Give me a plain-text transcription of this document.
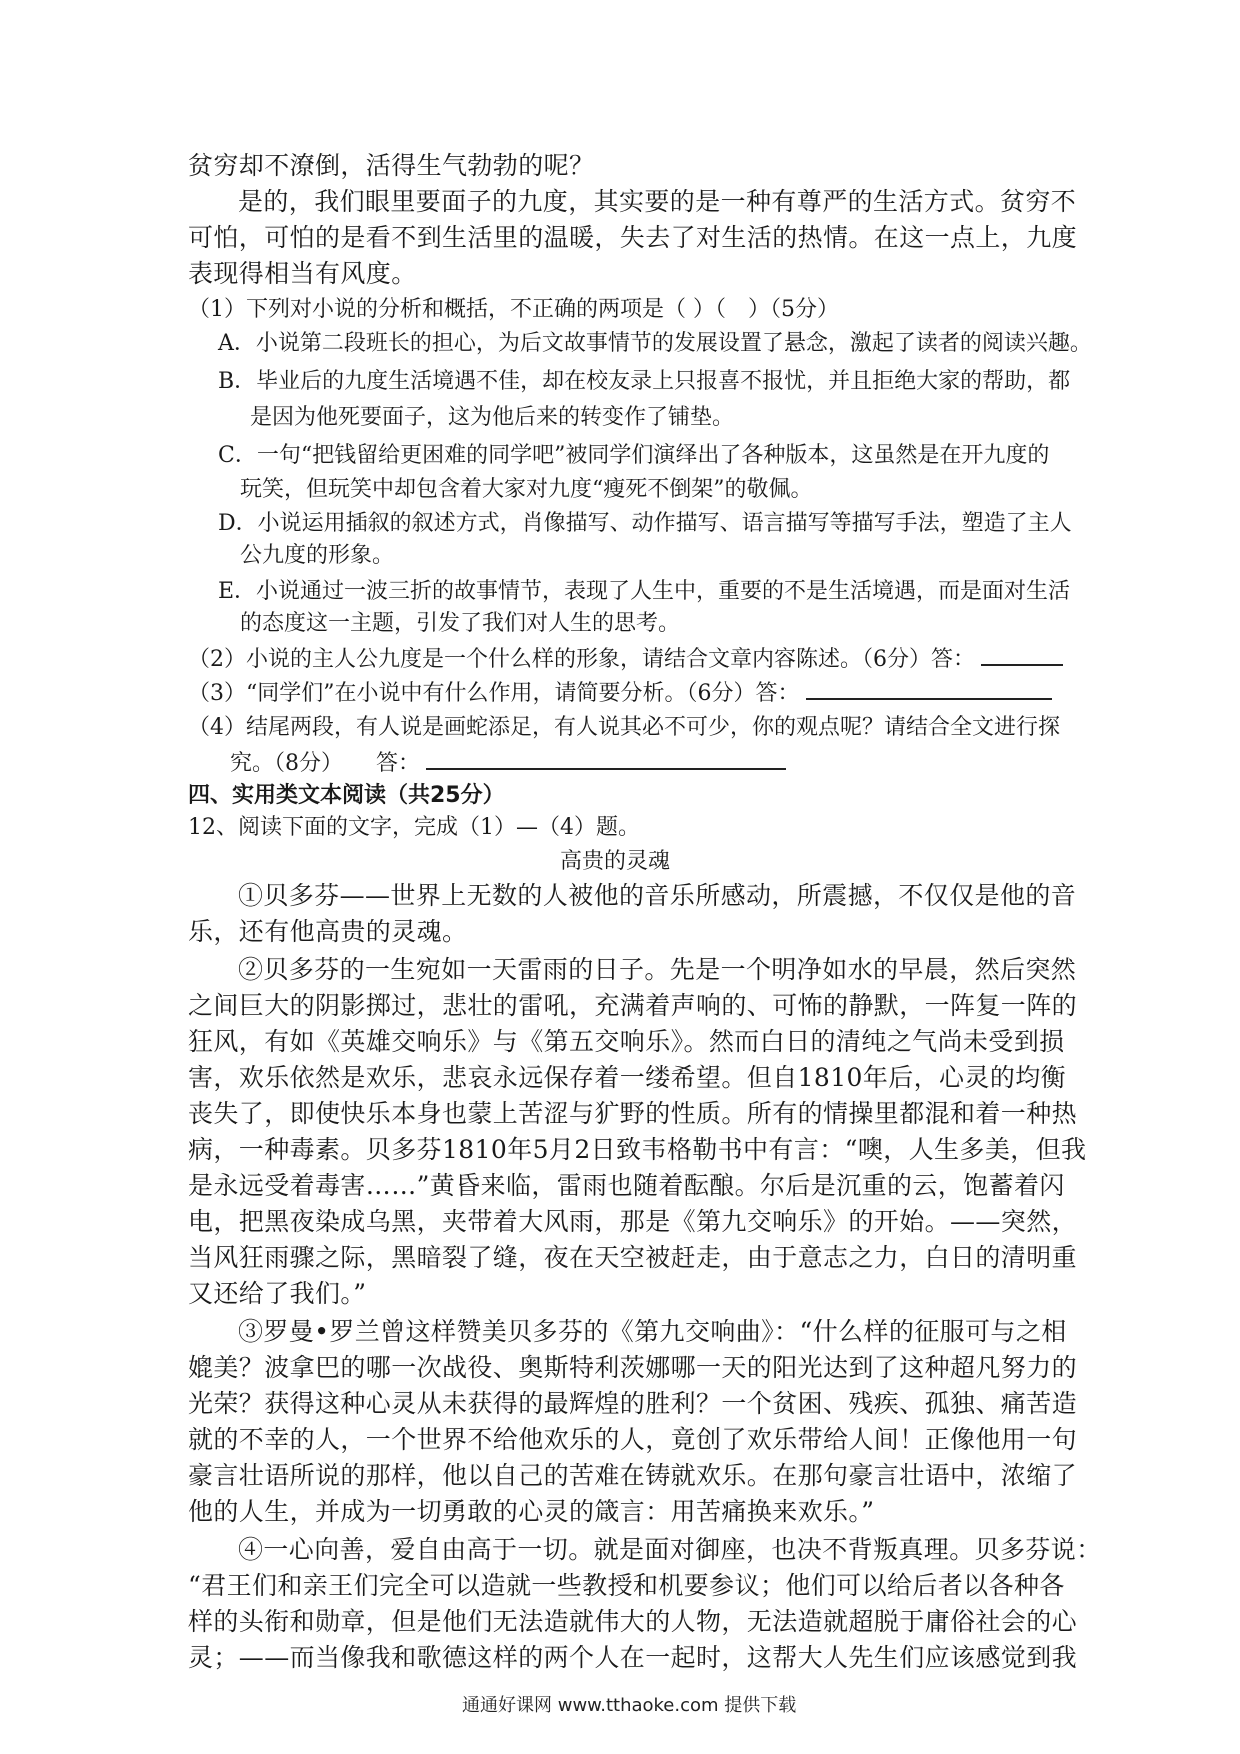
贫穷却不潦倒，活得生气勃勃的呢？
是的，我们眼里要面子的九度，其实要的是一种有尊严的生活方式。贫穷不
可怕，可怕的是看不到生活里的温暖，失去了对生活的热情。在这一点上，九度
表现得相当有风度。
（1）下列对小说的分析和概括，不正确的两项是（ ）（　）（5分）
A．小说第二段班长的担心，为后文故事情节的发展设置了悬念，激起了读者的阅读兴趣。
B．毕业后的九度生活境遇不佳，却在校友录上只报喜不报忧，并且拒绝大家的帮助，都
是因为他死要面子，这为他后来的转变作了铺垫。
C．一句“把钱留给更困难的同学吧”被同学们演绎出了各种版本，这虽然是在开九度的
玩笑，但玩笑中却包含着大家对九度“瘦死不倒架”的敬佩。
D．小说运用插叙的叙述方式，肖像描写、动作描写、语言描写等描写手法，塑造了主人
公九度的形象。
E．小说通过一波三折的故事情节，表现了人生中，重要的不是生活境遇，而是面对生活
的态度这一主题，引发了我们对人生的思考。
（2）小说的主人公九度是一个什么样的形象，请结合文章内容陈述。（6分）答：
（3）“同学们”在小说中有什么作用，请简要分析。（6分）答：
（4）结尾两段，有人说是画蛇添足，有人说其必不可少，你的观点呢？请结合全文进行探
究。（8分）　　答：
四、实用类文本阅读（共25分）
12、阅读下面的文字，完成（1）—（4）题。
高贵的灵魂
①贝多芬——世界上无数的人被他的音乐所感动，所震撼，不仅仅是他的音
乐，还有他高贵的灵魂。
②贝多芬的一生宛如一天雷雨的日子。先是一个明净如水的早晨，然后突然
之间巨大的阴影掷过，悲壮的雷吼，充满着声响的、可怖的静默，一阵复一阵的
狂风，有如《英雄交响乐》与《第五交响乐》。然而白日的清纯之气尚未受到损
害，欢乐依然是欢乐，悲哀永远保存着一缕希望。但自1810年后，心灵的均衡
丧失了，即使快乐本身也蒙上苦涩与犷野的性质。所有的情操里都混和着一种热
病，一种毒素。贝多芬1810年5月2日致韦格勒书中有言：“噢，人生多美，但我
是永远受着毒害……”黄昏来临，雷雨也随着酝酿。尔后是沉重的云，饱蓄着闪
电，把黑夜染成乌黑，夹带着大风雨，那是《第九交响乐》的开始。——突然，
当风狂雨骤之际，黑暗裂了缝，夜在天空被赶走，由于意志之力，白日的清明重
又还给了我们。”
③罗曼•罗兰曾这样赞美贝多芬的《第九交响曲》：“什么样的征服可与之相
媲美？波拿巴的哪一次战役、奥斯特利茨娜哪一天的阳光达到了这种超凡努力的
光荣？获得这种心灵从未获得的最辉煌的胜利？一个贫困、残疾、孤独、痛苦造
就的不幸的人，一个世界不给他欢乐的人，竟创了欢乐带给人间！正像他用一句
豪言壮语所说的那样，他以自己的苦难在铸就欢乐。在那句豪言壮语中，浓缩了
他的人生，并成为一切勇敢的心灵的箴言：用苦痛换来欢乐。”
④一心向善，爱自由高于一切。就是面对御座，也决不背叛真理。贝多芬说：
“君王们和亲王们完全可以造就一些教授和机要参议；他们可以给后者以各种各
样的头衔和勋章，但是他们无法造就伟大的人物，无法造就超脱于庸俗社会的心
灵；——而当像我和歌德这样的两个人在一起时，这帮大人先生们应该感觉到我
通通好课网 www.tthaoke.com 提供下载
